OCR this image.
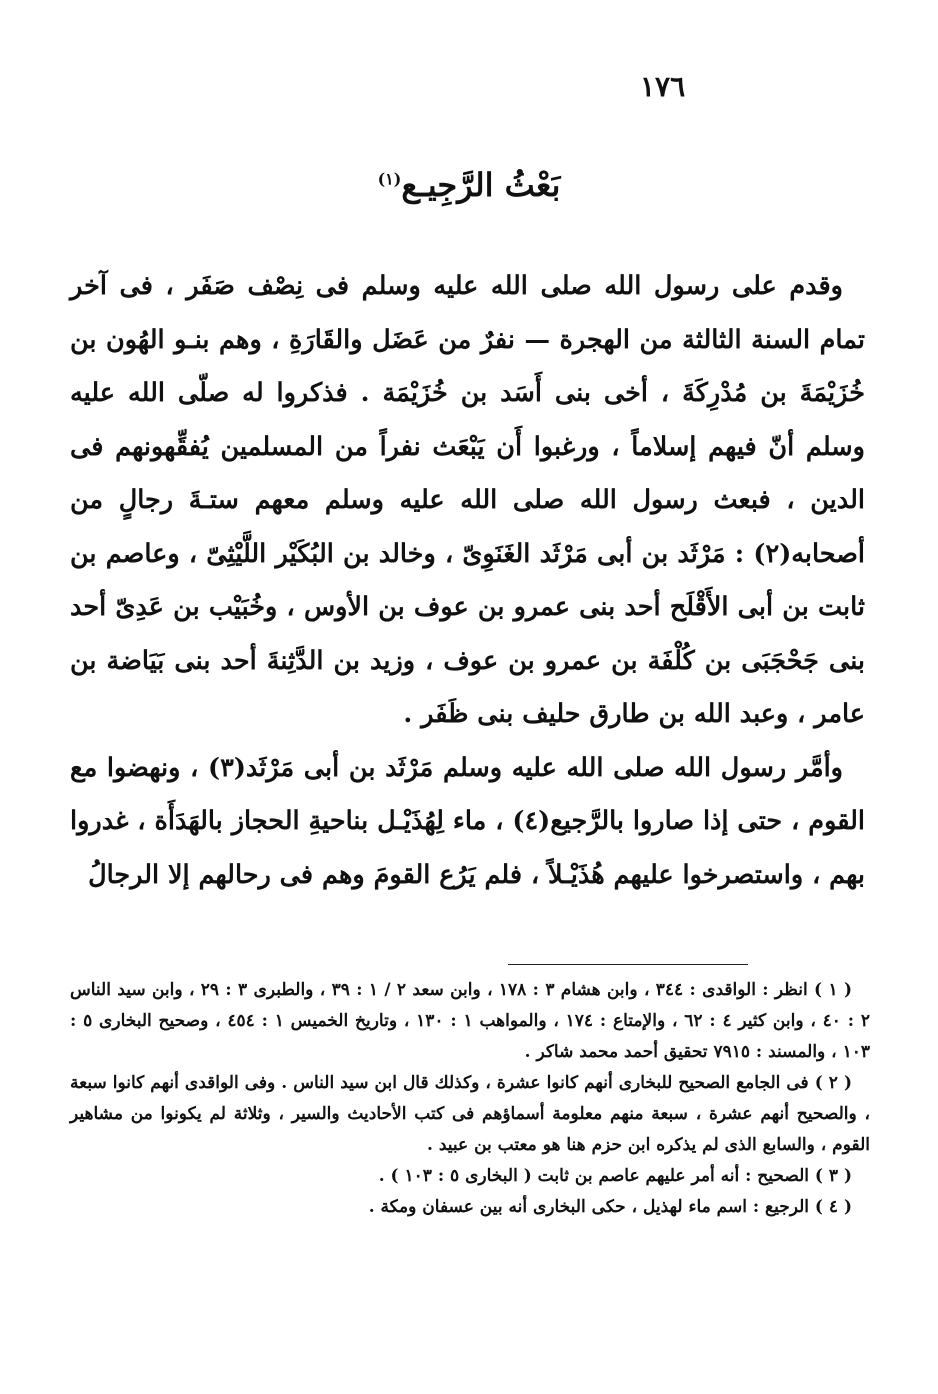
١٧٦
بَعْثُ الرَّجِيـع$^{(١)}$

وقدم على رسول الله صلى الله عليه وسلم فى نِصْف صَفَر ، فى آخر تمام السنة الثالثة من الهجرة — نفرٌ من عَضَل والقَارَةِ ، وهم بنـو الهُون بن خُزَيْمَةَ بن مُدْرِكَةَ ، أخى بنى أَسَد بن خُزَيْمَة . فذكروا له صلّى الله عليه وسلم أنّ فيهم إسلاماً ، ورغبوا أَن يَبْعَث نفراً من المسلمين يُفقِّهونهم فى الدين ، فبعث رسول الله صلى الله عليه وسلم معهم ستـةَ رجالٍ من أصحابه(٢) : مَرْثَد بن أبى مَرْثَد الغَنَوِىّ ، وخالد بن البُكَيْر اللَّيْثِىّ ، وعاصم بن ثابت بن أبى الأَقْلَح أحد بنى عمرو بن عوف بن الأوس ، وخُبَيْب بن عَدِىّ أحد بنى جَحْجَبَى بن كُلْفَة بن عمرو بن عوف ، وزيد بن الدَّثِنةَ أحد بنى بَيَاضة بن عامر ، وعبد الله بن طارق حليف بنى ظَفَر .

وأمَّر رسول الله صلى الله عليه وسلم مَرْثَد بن أبى مَرْثَد(٣) ، ونهضوا مع القوم ، حتى إذا صاروا بالرَّجيع(٤) ، ماء لِهُذَيْـل بناحيةِ الحجاز بالهَدَأَة ، غدروا بهم ، واستصرخوا عليهم هُذَيْـلاً ، فلم يَرُع القومَ وهم فى رحالهم إلا الرجالُ

( ١ ) انظر : الواقدى : ٣٤٤ ، وابن هشام ٣ : ١٧٨ ، وابن سعد ٢ / ١ : ٣٩ ، والطبرى ٣ : ٢٩ ، وابن سيد الناس ٢ : ٤٠ ، وابن كثير ٤ : ٦٢ ، والإمتاع : ١٧٤ ، والمواهب ١ : ١٣٠ ، وتاريخ الخميس ١ : ٤٥٤ ، وصحيح البخارى ٥ : ١٠٣ ، والمسند : ٧٩١٥ تحقيق أحمد محمد شاكر .

( ٢ ) فى الجامع الصحيح للبخارى أنهم كانوا عشرة ، وكذلك قال ابن سيد الناس . وفى الواقدى أنهم كانوا سبعة ، والصحيح أنهم عشرة ، سبعة منهم معلومة أسماؤهم فى كتب الأحاديث والسير ، وثلاثة لم يكونوا من مشاهير القوم ، والسابع الذى لم يذكره ابن حزم هنا هو معتب بن عبيد .

( ٣ ) الصحيح : أنه أمر عليهم عاصم بن ثابت ( البخارى ٥ : ١٠٣ ) .

( ٤ ) الرجيع : اسم ماء لهذيل ، حكى البخارى أنه بين عسفان ومكة .
